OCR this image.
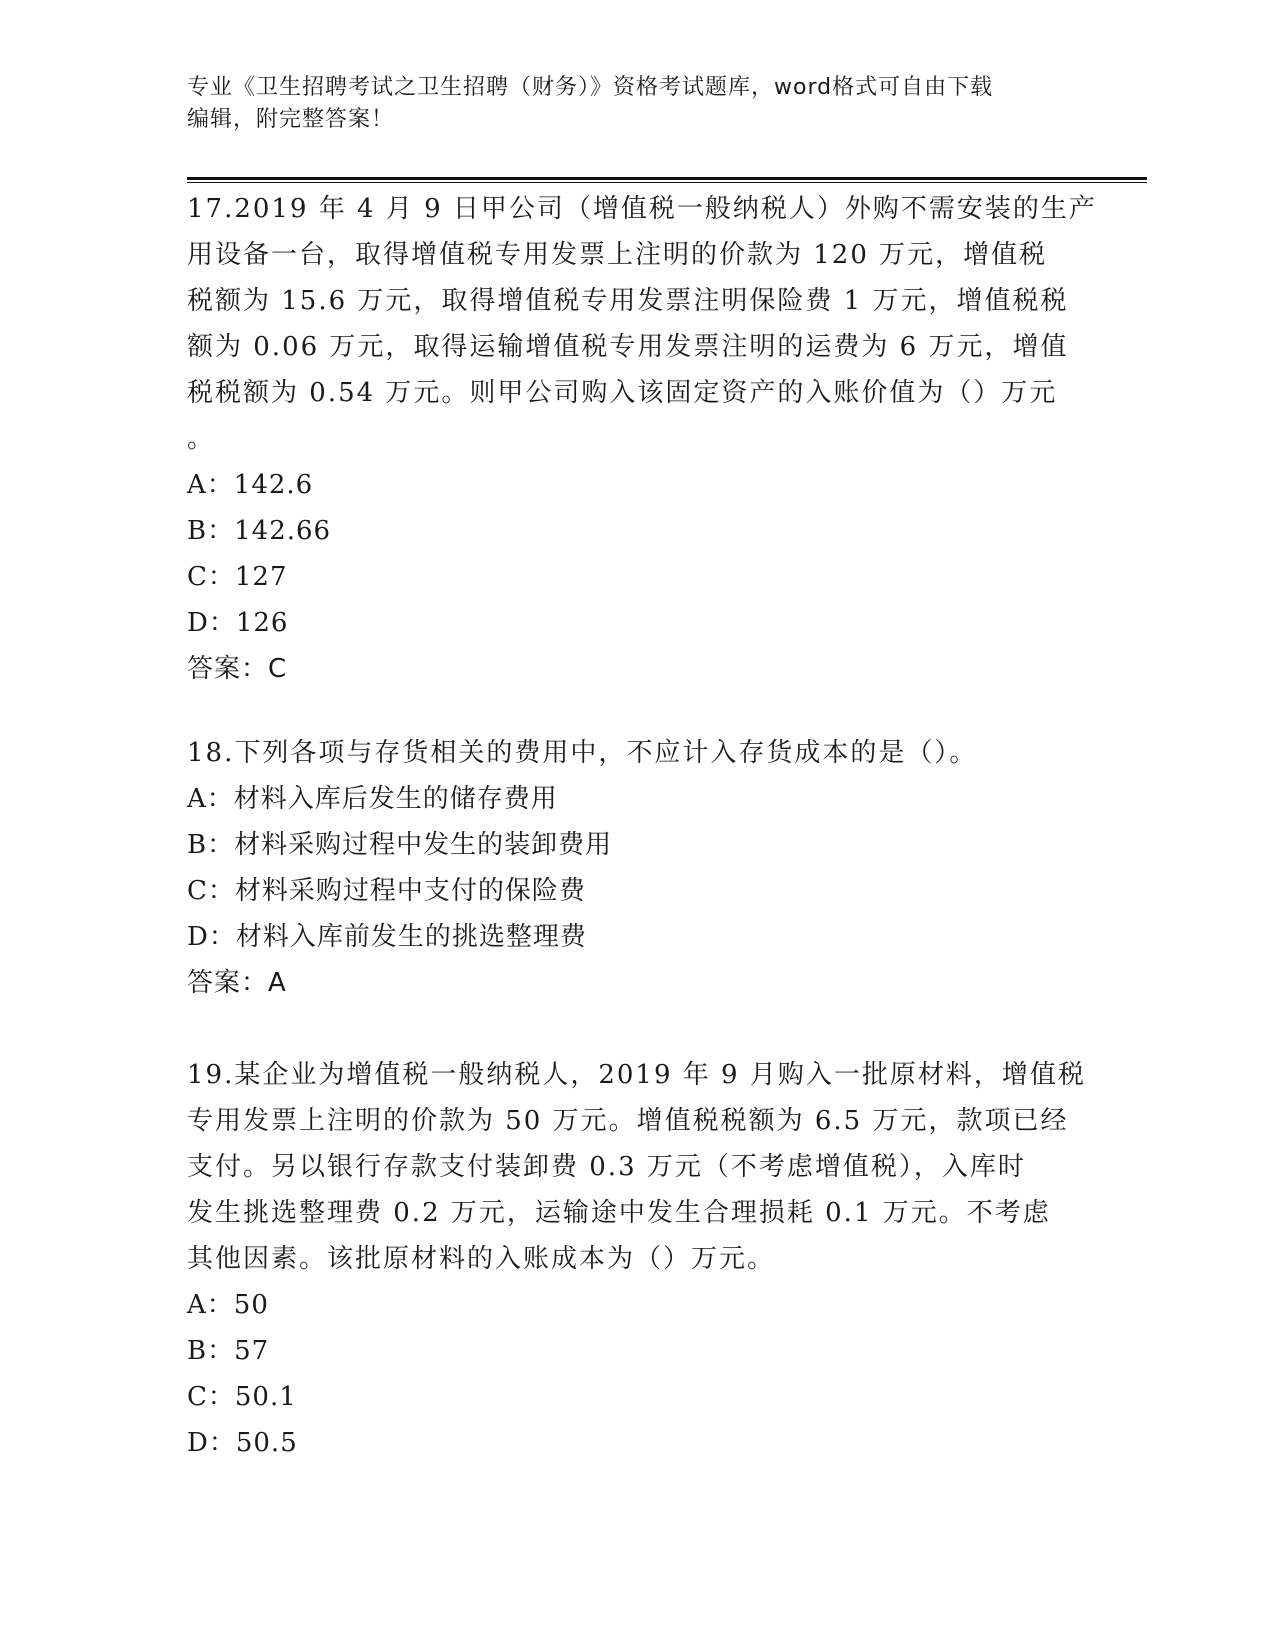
专业《卫生招聘考试之卫生招聘（财务）》资格考试题库，word格式可自由下载
编辑，附完整答案！
17.2019 年 4 月 9 日甲公司（增值税一般纳税人）外购不需安装的生产
用设备一台，取得增值税专用发票上注明的价款为 120 万元，增值税
税额为 15.6 万元，取得增值税专用发票注明保险费 1 万元，增值税税
额为 0.06 万元，取得运输增值税专用发票注明的运费为 6 万元，增值
税税额为 0.54 万元。则甲公司购入该固定资产的入账价值为（）万元
。
A：142.6
B：142.66
C：127
D：126
答案：C
18.下列各项与存货相关的费用中，不应计入存货成本的是（）。
A：材料入库后发生的储存费用
B：材料采购过程中发生的装卸费用
C：材料采购过程中支付的保险费
D：材料入库前发生的挑选整理费
答案：A
19.某企业为增值税一般纳税人，2019 年 9 月购入一批原材料，增值税
专用发票上注明的价款为 50 万元。增值税税额为 6.5 万元，款项已经
支付。另以银行存款支付装卸费 0.3 万元（不考虑增值税），入库时
发生挑选整理费 0.2 万元，运输途中发生合理损耗 0.1 万元。不考虑
其他因素。该批原材料的入账成本为（）万元。
A：50
B：57
C：50.1
D：50.5
